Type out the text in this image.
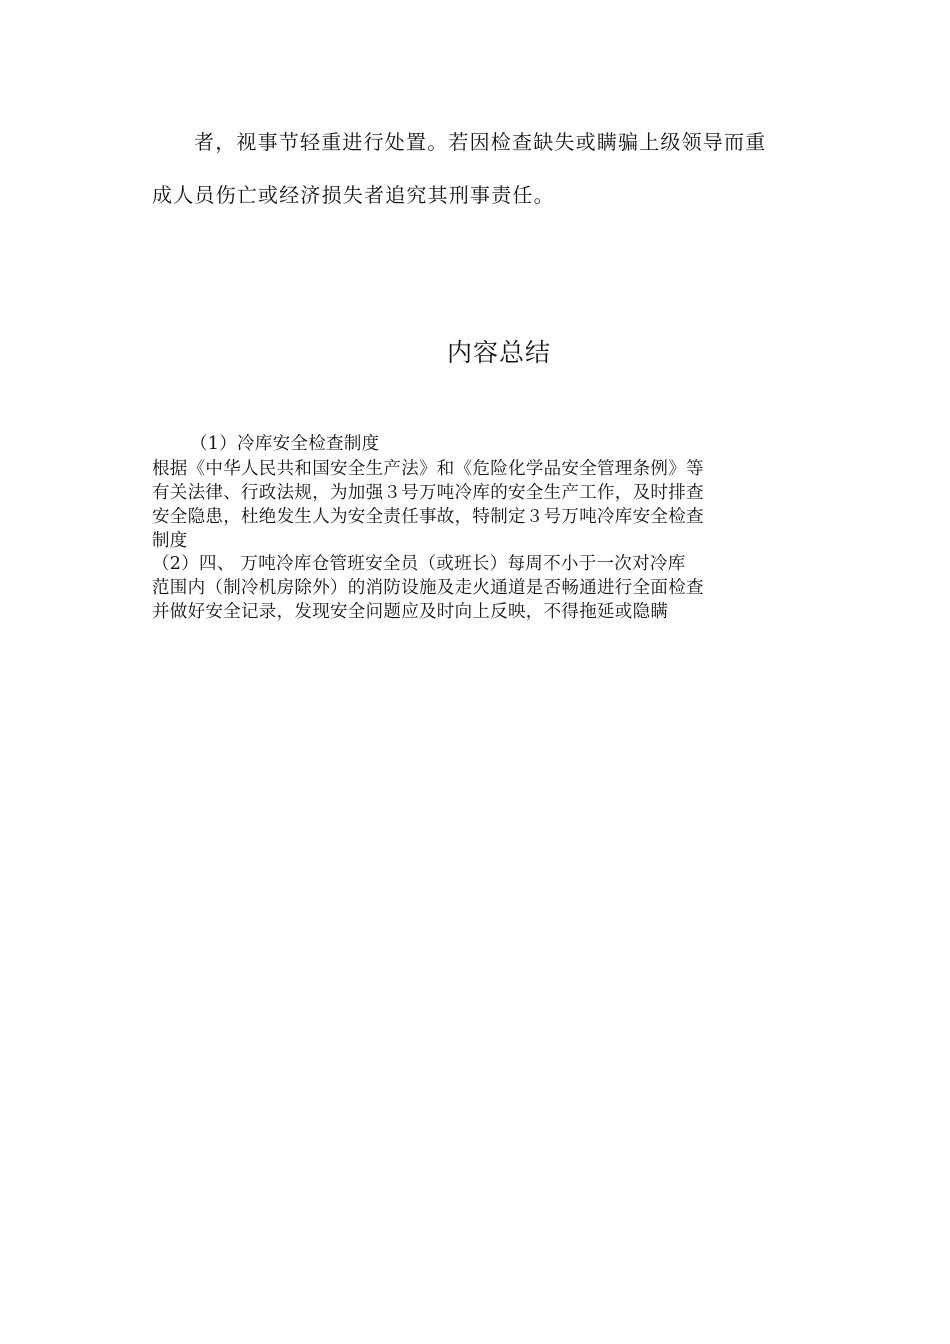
者，视事节轻重进行处置。若因检查缺失或瞒骗上级领导而重
成人员伤亡或经济损失者追究其刑事责任。
内容总结
（1）冷库安全检查制度
根据《中华人民共和国安全生产法》和《危险化学品安全管理条例》等
有关法律、行政法规，为加强３号万吨冷库的安全生产工作，及时排查
安全隐患，杜绝发生人为安全责任事故，特制定３号万吨冷库安全检查
制度
（2）四、 万吨冷库仓管班安全员（或班长）每周不小于一次对冷库
范围内（制冷机房除外）的消防设施及走火通道是否畅通进行全面检查
并做好安全记录，发现安全问题应及时向上反映，不得拖延或隐瞒
